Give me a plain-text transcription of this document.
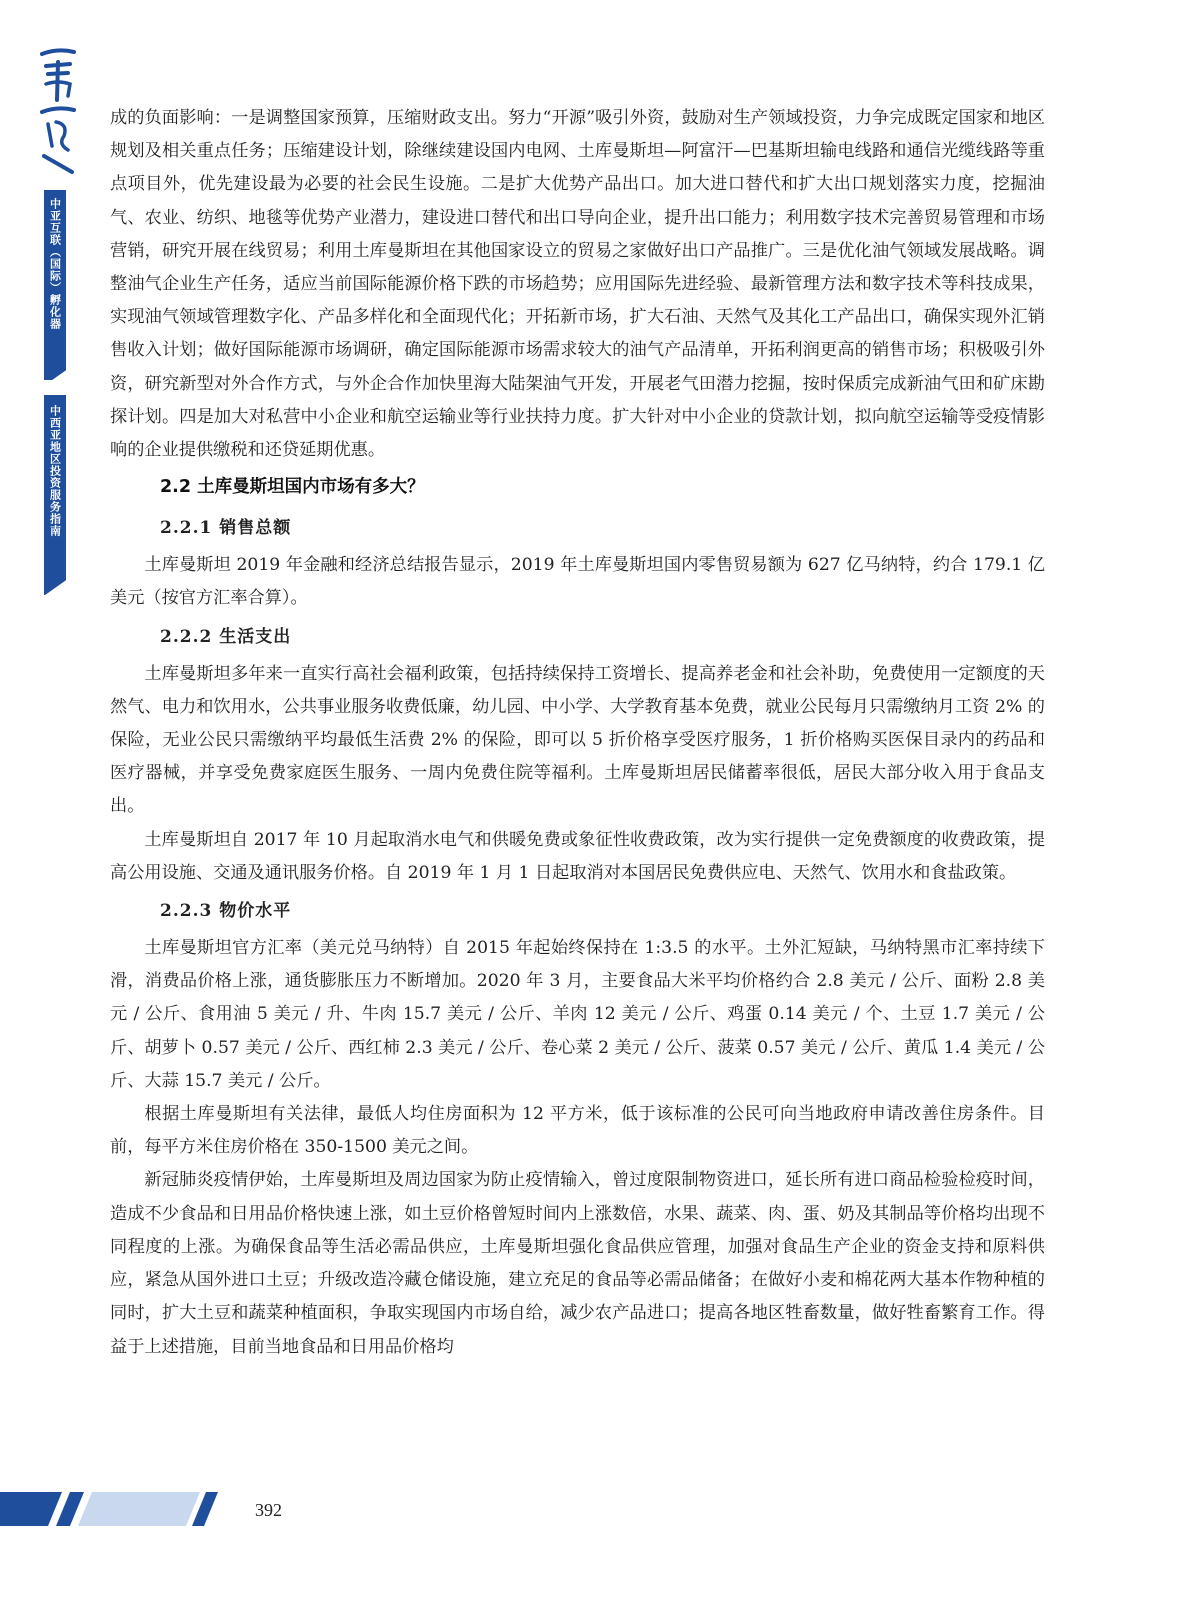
中亚互联（国际）孵化器
中西亚地区投资服务指南

成的负面影响：一是调整国家预算，压缩财政支出。努力“开源”吸引外资，鼓励对生产领域投资，力争完成既定国家和地区规划及相关重点任务；压缩建设计划，除继续建设国内电网、土库曼斯坦—阿富汗—巴基斯坦输电线路和通信光缆线路等重点项目外，优先建设最为必要的社会民生设施。二是扩大优势产品出口。加大进口替代和扩大出口规划落实力度，挖掘油气、农业、纺织、地毯等优势产业潜力，建设进口替代和出口导向企业，提升出口能力；利用数字技术完善贸易管理和市场营销，研究开展在线贸易；利用土库曼斯坦在其他国家设立的贸易之家做好出口产品推广。三是优化油气领域发展战略。调整油气企业生产任务，适应当前国际能源价格下跌的市场趋势；应用国际先进经验、最新管理方法和数字技术等科技成果，实现油气领域管理数字化、产品多样化和全面现代化；开拓新市场，扩大石油、天然气及其化工产品出口，确保实现外汇销售收入计划；做好国际能源市场调研，确定国际能源市场需求较大的油气产品清单，开拓利润更高的销售市场；积极吸引外资，研究新型对外合作方式，与外企合作加快里海大陆架油气开发，开展老气田潜力挖掘，按时保质完成新油气田和矿床勘探计划。四是加大对私营中小企业和航空运输业等行业扶持力度。扩大针对中小企业的贷款计划，拟向航空运输等受疫情影响的企业提供缴税和还贷延期优惠。

2.2 土库曼斯坦国内市场有多大？
2.2.1 销售总额

土库曼斯坦 2019 年金融和经济总结报告显示，2019 年土库曼斯坦国内零售贸易额为 627 亿马纳特，约合 179.1 亿美元（按官方汇率合算）。

2.2.2 生活支出

土库曼斯坦多年来一直实行高社会福利政策，包括持续保持工资增长、提高养老金和社会补助，免费使用一定额度的天然气、电力和饮用水，公共事业服务收费低廉，幼儿园、中小学、大学教育基本免费，就业公民每月只需缴纳月工资 2% 的保险，无业公民只需缴纳平均最低生活费 2% 的保险，即可以 5 折价格享受医疗服务，1 折价格购买医保目录内的药品和医疗器械，并享受免费家庭医生服务、一周内免费住院等福利。土库曼斯坦居民储蓄率很低，居民大部分收入用于食品支出。

土库曼斯坦自 2017 年 10 月起取消水电气和供暖免费或象征性收费政策，改为实行提供一定免费额度的收费政策，提高公用设施、交通及通讯服务价格。自 2019 年 1 月 1 日起取消对本国居民免费供应电、天然气、饮用水和食盐政策。

2.2.3 物价水平

土库曼斯坦官方汇率（美元兑马纳特）自 2015 年起始终保持在 1:3.5 的水平。土外汇短缺，马纳特黑市汇率持续下滑，消费品价格上涨，通货膨胀压力不断增加。2020 年 3 月，主要食品大米平均价格约合 2.8 美元 / 公斤、面粉 2.8 美元 / 公斤、食用油 5 美元 / 升、牛肉 15.7 美元 / 公斤、羊肉 12 美元 / 公斤、鸡蛋 0.14 美元 / 个、土豆 1.7 美元 / 公斤、胡萝卜 0.57 美元 / 公斤、西红柿 2.3 美元 / 公斤、卷心菜 2 美元 / 公斤、菠菜 0.57 美元 / 公斤、黄瓜 1.4 美元 / 公斤、大蒜 15.7 美元 / 公斤。

根据土库曼斯坦有关法律，最低人均住房面积为 12 平方米，低于该标准的公民可向当地政府申请改善住房条件。目前，每平方米住房价格在 350-1500 美元之间。

新冠肺炎疫情伊始，土库曼斯坦及周边国家为防止疫情输入，曾过度限制物资进口，延长所有进口商品检验检疫时间，造成不少食品和日用品价格快速上涨，如土豆价格曾短时间内上涨数倍，水果、蔬菜、肉、蛋、奶及其制品等价格均出现不同程度的上涨。为确保食品等生活必需品供应，土库曼斯坦强化食品供应管理，加强对食品生产企业的资金支持和原料供应，紧急从国外进口土豆；升级改造冷藏仓储设施，建立充足的食品等必需品储备；在做好小麦和棉花两大基本作物种植的同时，扩大土豆和蔬菜种植面积，争取实现国内市场自给，减少农产品进口；提高各地区牲畜数量，做好牲畜繁育工作。得益于上述措施，目前当地食品和日用品价格均

392
